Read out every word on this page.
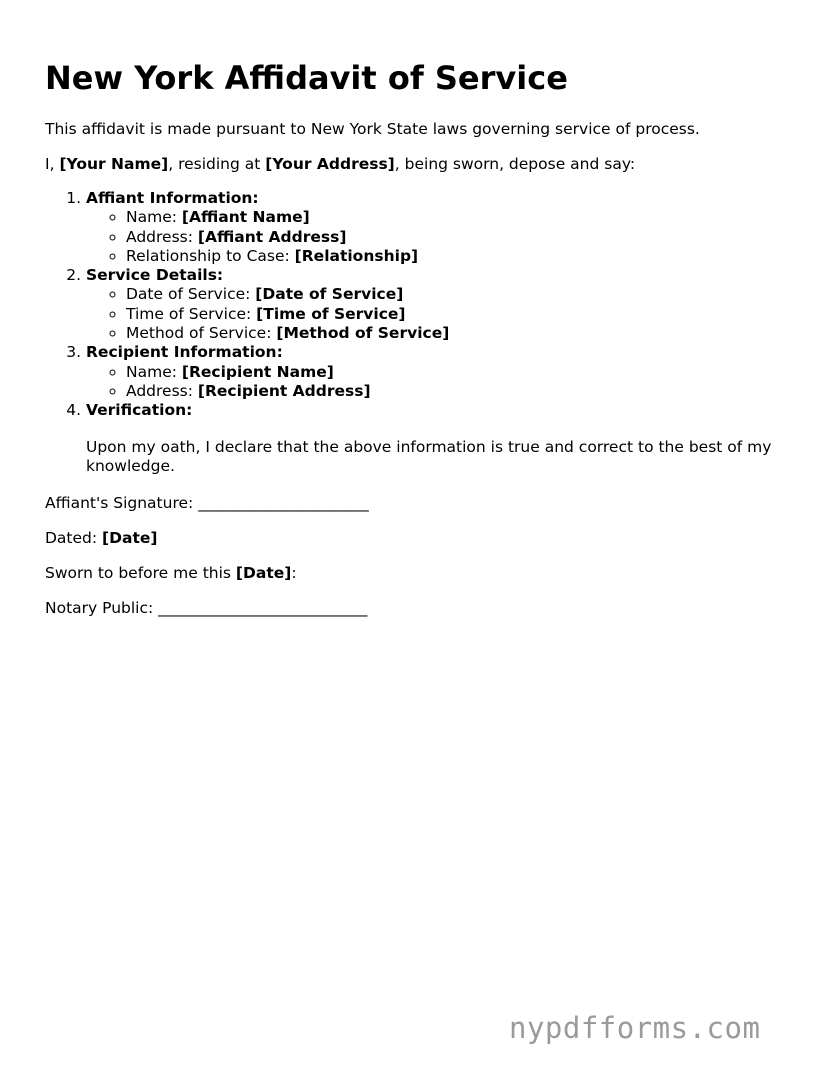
New York Affidavit of Service

This affidavit is made pursuant to New York State laws governing service of process.

I, [Your Name], residing at [Your Address], being sworn, depose and say:

1. Affiant Information:
◦ Name: [Affiant Name]
◦ Address: [Affiant Address]
◦ Relationship to Case: [Relationship]
2. Service Details:
◦ Date of Service: [Date of Service]
◦ Time of Service: [Time of Service]
◦ Method of Service: [Method of Service]
3. Recipient Information:
◦ Name: [Recipient Name]
◦ Address: [Recipient Address]
4. Verification:

Upon my oath, I declare that the above information is true and correct to the best of my knowledge.

Affiant's Signature: ______________________

Dated: [Date]

Sworn to before me this [Date]:

Notary Public: ___________________________

nypdfforms.com
